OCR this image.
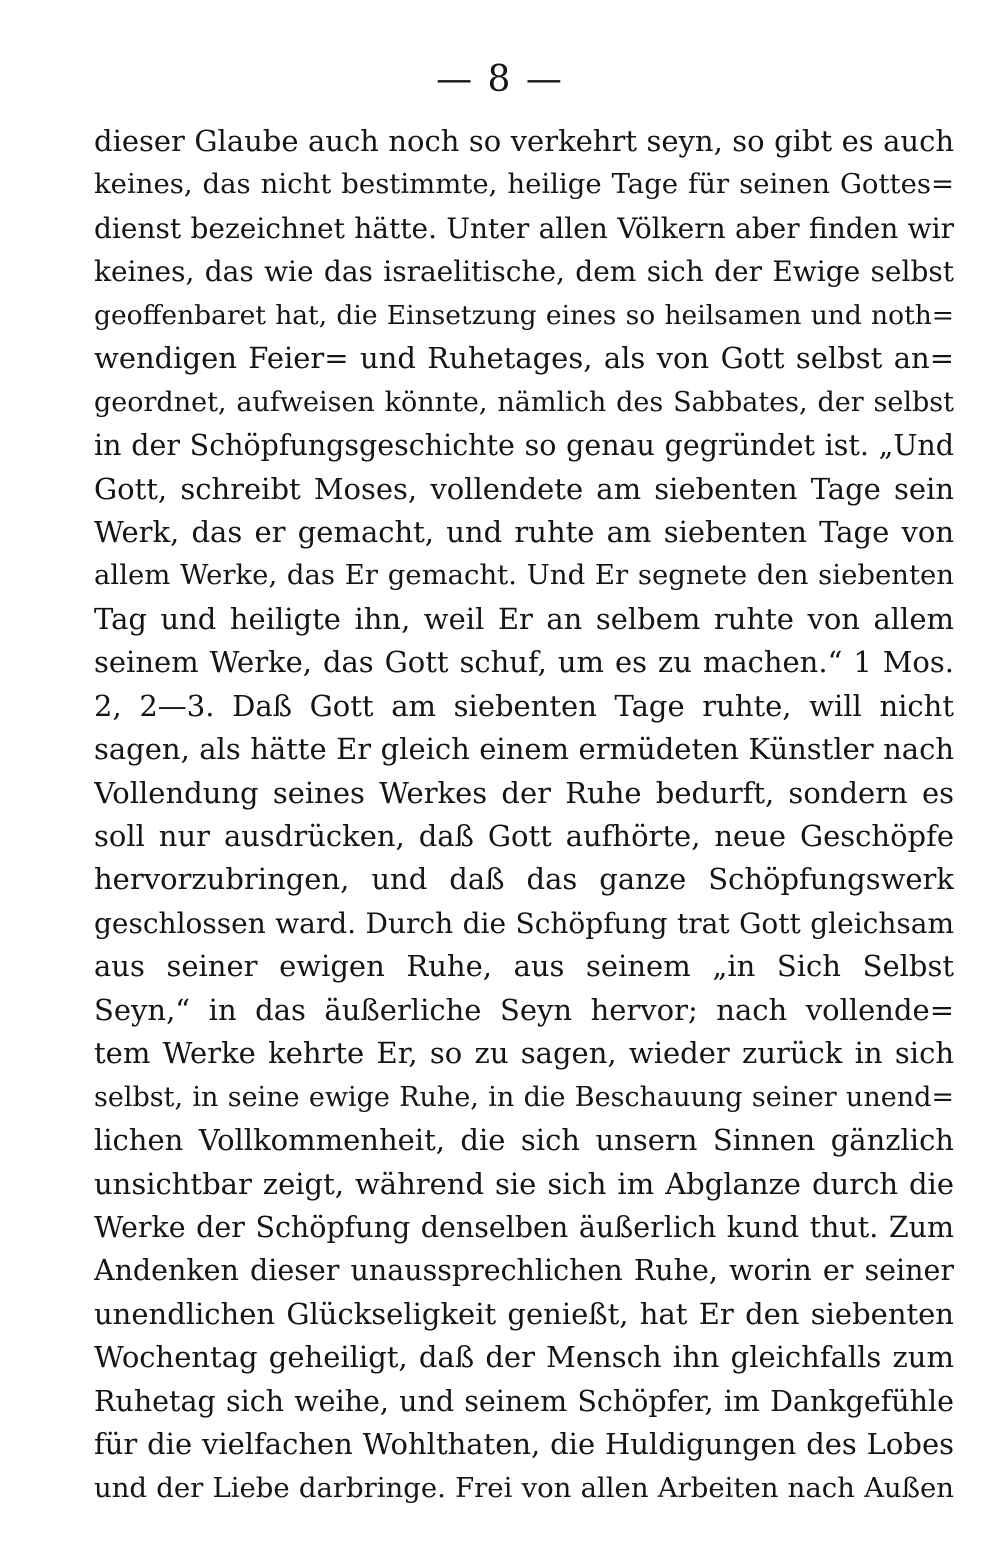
— 8 —
dieser Glaube auch noch so verkehrt seyn, so gibt es auch
keines, das nicht bestimmte, heilige Tage für seinen Gottes=
dienst bezeichnet hätte. Unter allen Völkern aber finden wir
keines, das wie das israelitische, dem sich der Ewige selbst
geoffenbaret hat, die Einsetzung eines so heilsamen und noth=
wendigen Feier= und Ruhetages, als von Gott selbst an=
geordnet, aufweisen könnte, nämlich des Sabbates, der selbst
in der Schöpfungsgeschichte so genau gegründet ist. „Und
Gott, schreibt Moses, vollendete am siebenten Tage sein
Werk, das er gemacht, und ruhte am siebenten Tage von
allem Werke, das Er gemacht. Und Er segnete den siebenten
Tag und heiligte ihn, weil Er an selbem ruhte von allem
seinem Werke, das Gott schuf, um es zu machen.“ 1 Mos.
2, 2—3. Daß Gott am siebenten Tage ruhte, will nicht
sagen, als hätte Er gleich einem ermüdeten Künstler nach
Vollendung seines Werkes der Ruhe bedurft, sondern es
soll nur ausdrücken, daß Gott aufhörte, neue Geschöpfe
hervorzubringen, und daß das ganze Schöpfungswerk
geschlossen ward. Durch die Schöpfung trat Gott gleichsam
aus seiner ewigen Ruhe, aus seinem „in Sich Selbst
Seyn,“ in das äußerliche Seyn hervor; nach vollende=
tem Werke kehrte Er, so zu sagen, wieder zurück in sich
selbst, in seine ewige Ruhe, in die Beschauung seiner unend=
lichen Vollkommenheit, die sich unsern Sinnen gänzlich
unsichtbar zeigt, während sie sich im Abglanze durch die
Werke der Schöpfung denselben äußerlich kund thut. Zum
Andenken dieser unaussprechlichen Ruhe, worin er seiner
unendlichen Glückseligkeit genießt, hat Er den siebenten
Wochentag geheiligt, daß der Mensch ihn gleichfalls zum
Ruhetag sich weihe, und seinem Schöpfer, im Dankgefühle
für die vielfachen Wohlthaten, die Huldigungen des Lobes
und der Liebe darbringe. Frei von allen Arbeiten nach Außen
